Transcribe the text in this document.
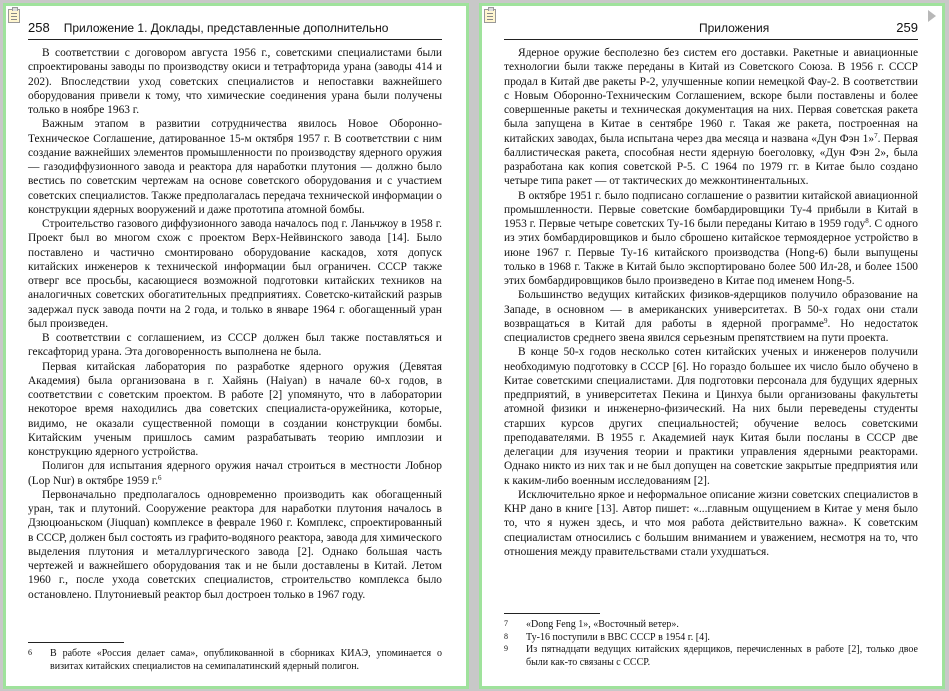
258 Приложение 1. Доклады, представленные дополнительно

В соответствии с договором августа 1956 г., советскими специалистами были спроектированы заводы по производству окиси и тетрафторида урана (заводы 414 и 202). Впоследствии уход советских специалистов и непоставки важнейшего оборудования привели к тому, что химические соединения урана были получены только в ноябре 1963 г.

Важным этапом в развитии сотрудничества явилось Новое Оборонно-Техническое Соглашение, датированное 15-м октября 1957 г. В соответствии с ним создание важнейших элементов промышленности по производству ядерного оружия — газодиффузионного завода и реактора для наработки плутония — должно было вестись по советским чертежам на основе советского оборудования и с участием советских специалистов. Также предполагалась передача технической информации о конструкции ядерных вооружений и даже прототипа атомной бомбы.

Строительство газового диффузионного завода началось под г. Ланьчжоу в 1958 г. Проект был во многом схож с проектом Верх-Нейвинского завода [14]. Было поставлено и частично смонтировано оборудование каскадов, хотя допуск китайских инженеров к технической информации был ограничен. СССР также отверг все просьбы, касающиеся возможной подготовки китайских техников на аналогичных советских обогатительных предприятиях. Советско-китайский разрыв задержал пуск завода почти на 2 года, и только в январе 1964 г. обогащенный уран был произведен.

В соответствии с соглашением, из СССР должен был также поставляться и гексафторид урана. Эта договоренность выполнена не была.

Первая китайская лаборатория по разработке ядерного оружия (Девятая Академия) была организована в г. Хайянь (Haiyan) в начале 60-х годов, в соответствии с советским проектом. В работе [2] упомянуто, что в лаборатории некоторое время находились два советских специалиста-оружейника, которые, видимо, не оказали существенной помощи в создании конструкции бомбы. Китайским ученым пришлось самим разрабатывать теорию имплозии и конструкцию ядерного устройства.

Полигон для испытания ядерного оружия начал строиться в местности Лобнор (Lop Nur) в октябре 1959 г.$^6$

Первоначально предполагалось одновременно производить как обогащенный уран, так и плутоний. Сооружение реактора для наработки плутония началось в Дзюцюаньском (Jiuquan) комплексе в феврале 1960 г. Комплекс, спроектированный в СССР, должен был состоять из графито-водяного реактора, завода для химического выделения плутония и металлургического завода [2]. Однако большая часть чертежей и важнейшего оборудования так и не были доставлены в Китай. Летом 1960 г., после ухода советских специалистов, строительство комплекса было остановлено. Плутониевый реактор был достроен только в 1967 году.

6	В работе «Россия делает сама», опубликованной в сборниках КИАЭ, упоминается о визитах китайских специалистов на семипалатинский ядерный полигон.
Приложения	259

Ядерное оружие бесполезно без систем его доставки. Ракетные и авиационные технологии были также переданы в Китай из Советского Союза. В 1956 г. СССР продал в Китай две ракеты Р-2, улучшенные копии немецкой Фау-2. В соответствии с Новым Оборонно-Техническим Соглашением, вскоре были поставлены и более совершенные ракеты и техническая документация на них. Первая советская ракета была запущена в Китае в сентябре 1960 г. Такая же ракета, построенная на китайских заводах, была испытана через два месяца и названа «Дун Фэн 1»$^7$. Первая баллистическая ракета, способная нести ядерную боеголовку, «Дун Фэн 2», была разработана как копия советской Р-5. С 1964 по 1979 гг. в Китае было создано четыре типа ракет — от тактических до межконтинентальных.

В октябре 1951 г. было подписано соглашение о развитии китайской авиационной промышленности. Первые советские бомбардировщики Ту-4 прибыли в Китай в 1953 г. Первые четыре советских Ту-16 были переданы Китаю в 1959 году$^8$. С одного из этих бомбардировщиков и было сброшено китайское термоядерное устройство в июне 1967 г. Первые Ту-16 китайского производства (Hong-6) были выпущены только в 1968 г. Также в Китай было экспортировано более 500 Ил-28, и более 1500 этих бомбардировщиков было произведено в Китае под именем Hong-5.

Большинство ведущих китайских физиков-ядерщиков получило образование на Западе, в основном — в американских университетах. В 50-х годах они стали возвращаться в Китай для работы в ядерной программе$^9$. Но недостаток специалистов среднего звена явился серьезным препятствием на пути проекта.

В конце 50-х годов несколько сотен китайских ученых и инженеров получили необходимую подготовку в СССР [6]. Но гораздо большее их число было обучено в Китае советскими специалистами. Для подготовки персонала для будущих ядерных предприятий, в университетах Пекина и Цинхуа были организованы факультеты атомной физики и инженерно-физический. На них были переведены студенты старших курсов других специальностей; обучение велось советскими преподавателями. В 1955 г. Академией наук Китая были посланы в СССР две делегации для изучения теории и практики управления ядерными реакторами. Однако никто из них так и не был допущен на советские закрытые предприятия или к каким-либо военным исследованиям [2].

Исключительно яркое и неформальное описание жизни советских специалистов в КНР дано в книге [13]. Автор пишет: «...главным ощущением в Китае у меня было то, что я нужен здесь, и что моя работа действительно важна». К советским специалистам относились с большим вниманием и уважением, несмотря на то, что отношения между правительствами стали ухудшаться.

7	«Dong Feng 1», «Восточный ветер».
8	Ту-16 поступили в ВВС СССР в 1954 г. [4].
9	Из пятнадцати ведущих китайских ядерщиков, перечисленных в работе [2], только двое были как-то связаны с СССР.
